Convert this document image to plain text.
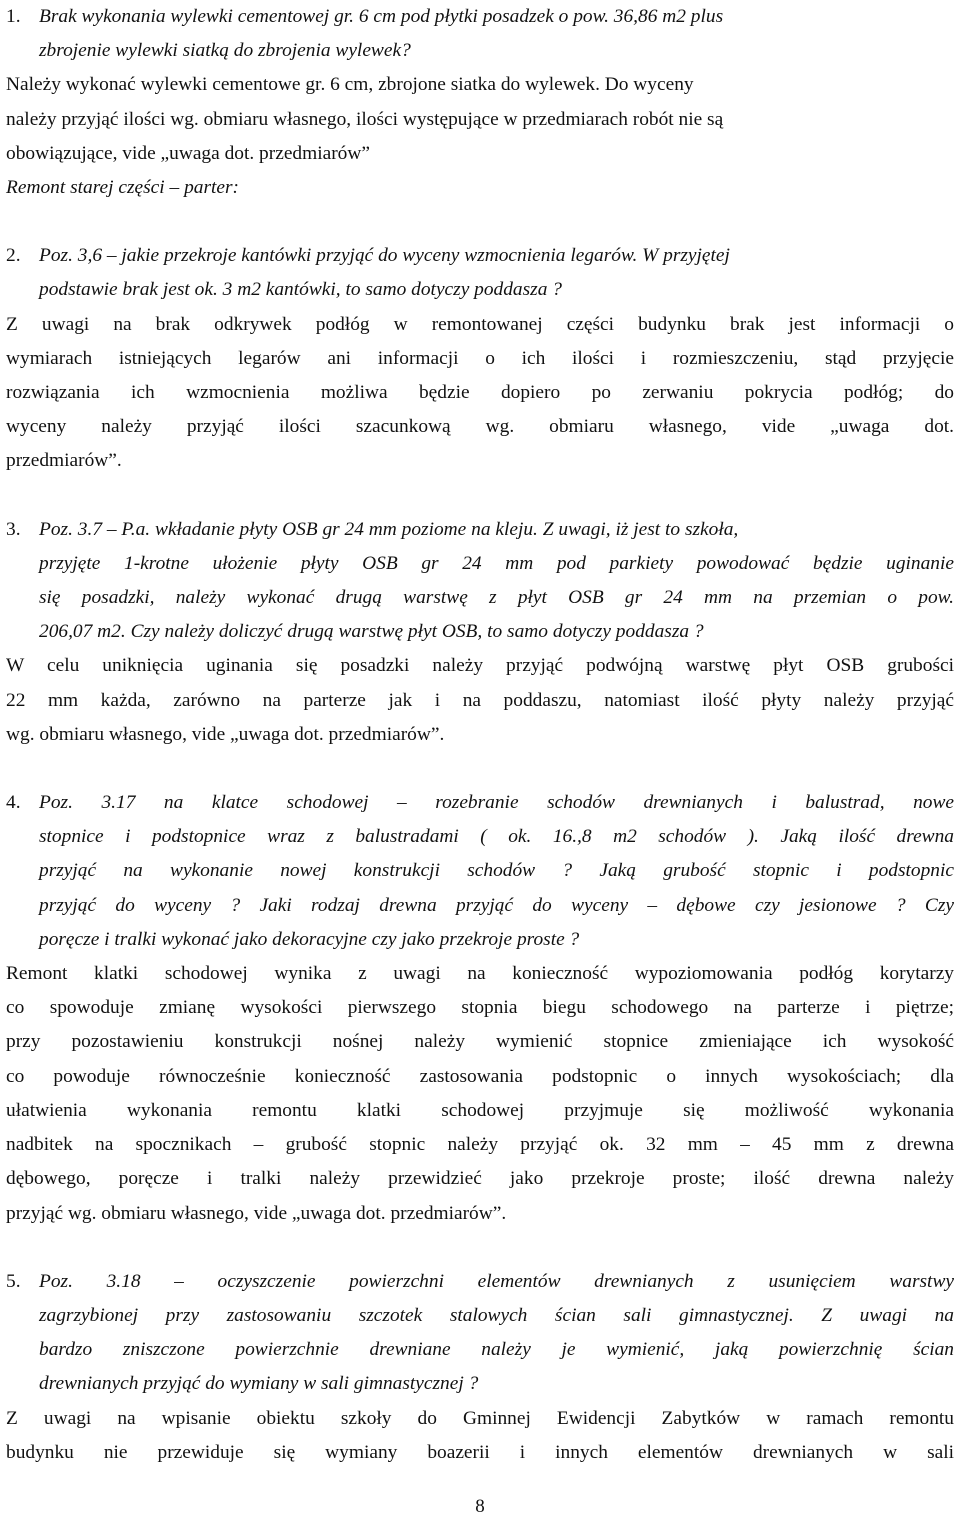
1. Brak wykonania wylewki cementowej gr. 6 cm pod płytki posadzek o pow. 36,86 m2 plus
zbrojenie wylewki siatką do zbrojenia wylewek?
Należy wykonać wylewki cementowe gr. 6 cm, zbrojone siatka do wylewek. Do wyceny
należy przyjąć ilości wg. obmiaru własnego, ilości występujące w przedmiarach robót nie są
obowiązujące, vide „uwaga dot. przedmiarów”
Remont starej części – parter:
2. Poz. 3,6 – jakie przekroje kantówki przyjąć do wyceny wzmocnienia legarów. W przyjętej
podstawie brak jest ok. 3 m2 kantówki, to samo dotyczy poddasza ?
Z uwagi na brak odkrywek podłóg w remontowanej części budynku brak jest informacji o
wymiarach istniejących legarów ani informacji o ich ilości i rozmieszczeniu, stąd przyjęcie
rozwiązania ich wzmocnienia możliwa będzie dopiero po zerwaniu pokrycia podłóg; do
wyceny należy przyjąć ilości szacunkową wg. obmiaru własnego, vide „uwaga dot.
przedmiarów”.
3. Poz. 3.7 – P.a. wkładanie płyty OSB gr 24 mm poziome na kleju. Z uwagi, iż jest to szkoła,
przyjęte 1-krotne ułożenie płyty OSB gr 24 mm pod parkiety powodować będzie uginanie
się posadzki, należy wykonać drugą warstwę z płyt OSB gr 24 mm na przemian o pow.
206,07 m2. Czy należy doliczyć drugą warstwę płyt OSB, to samo dotyczy poddasza ?
W celu uniknięcia uginania się posadzki należy przyjąć podwójną warstwę płyt OSB grubości
22 mm każda, zarówno na parterze jak i na poddaszu, natomiast ilość płyty należy przyjąć
wg. obmiaru własnego, vide „uwaga dot. przedmiarów”.
4. Poz. 3.17 na klatce schodowej – rozebranie schodów drewnianych i balustrad, nowe
stopnice i podstopnice wraz z balustradami ( ok. 16.,8 m2 schodów ). Jaką ilość drewna
przyjąć na wykonanie nowej konstrukcji schodów ? Jaką grubość stopnic i podstopnic
przyjąć do wyceny ? Jaki rodzaj drewna przyjąć do wyceny – dębowe czy jesionowe ? Czy
poręcze i tralki wykonać jako dekoracyjne czy jako przekroje proste ?
Remont klatki schodowej wynika z uwagi na konieczność wypoziomowania podłóg korytarzy
co spowoduje zmianę wysokości pierwszego stopnia biegu schodowego na parterze i piętrze;
przy pozostawieniu konstrukcji nośnej należy wymienić stopnice zmieniające ich wysokość
co powoduje równocześnie konieczność zastosowania podstopnic o innych wysokościach; dla
ułatwienia wykonania remontu klatki schodowej przyjmuje się możliwość wykonania
nadbitek na spocznikach – grubość stopnic należy przyjąć ok. 32 mm – 45 mm z drewna
dębowego, poręcze i tralki należy przewidzieć jako przekroje proste; ilość drewna należy
przyjąć wg. obmiaru własnego, vide „uwaga dot. przedmiarów”.
5. Poz. 3.18 – oczyszczenie powierzchni elementów drewnianych z usunięciem warstwy
zagrzybionej przy zastosowaniu szczotek stalowych ścian sali gimnastycznej. Z uwagi na
bardzo zniszczone powierzchnie drewniane należy je wymienić, jaką powierzchnię ścian
drewnianych przyjąć do wymiany w sali gimnastycznej ?
Z uwagi na wpisanie obiektu szkoły do Gminnej Ewidencji Zabytków w ramach remontu
budynku nie przewiduje się wymiany boazerii i innych elementów drewnianych w sali
8
